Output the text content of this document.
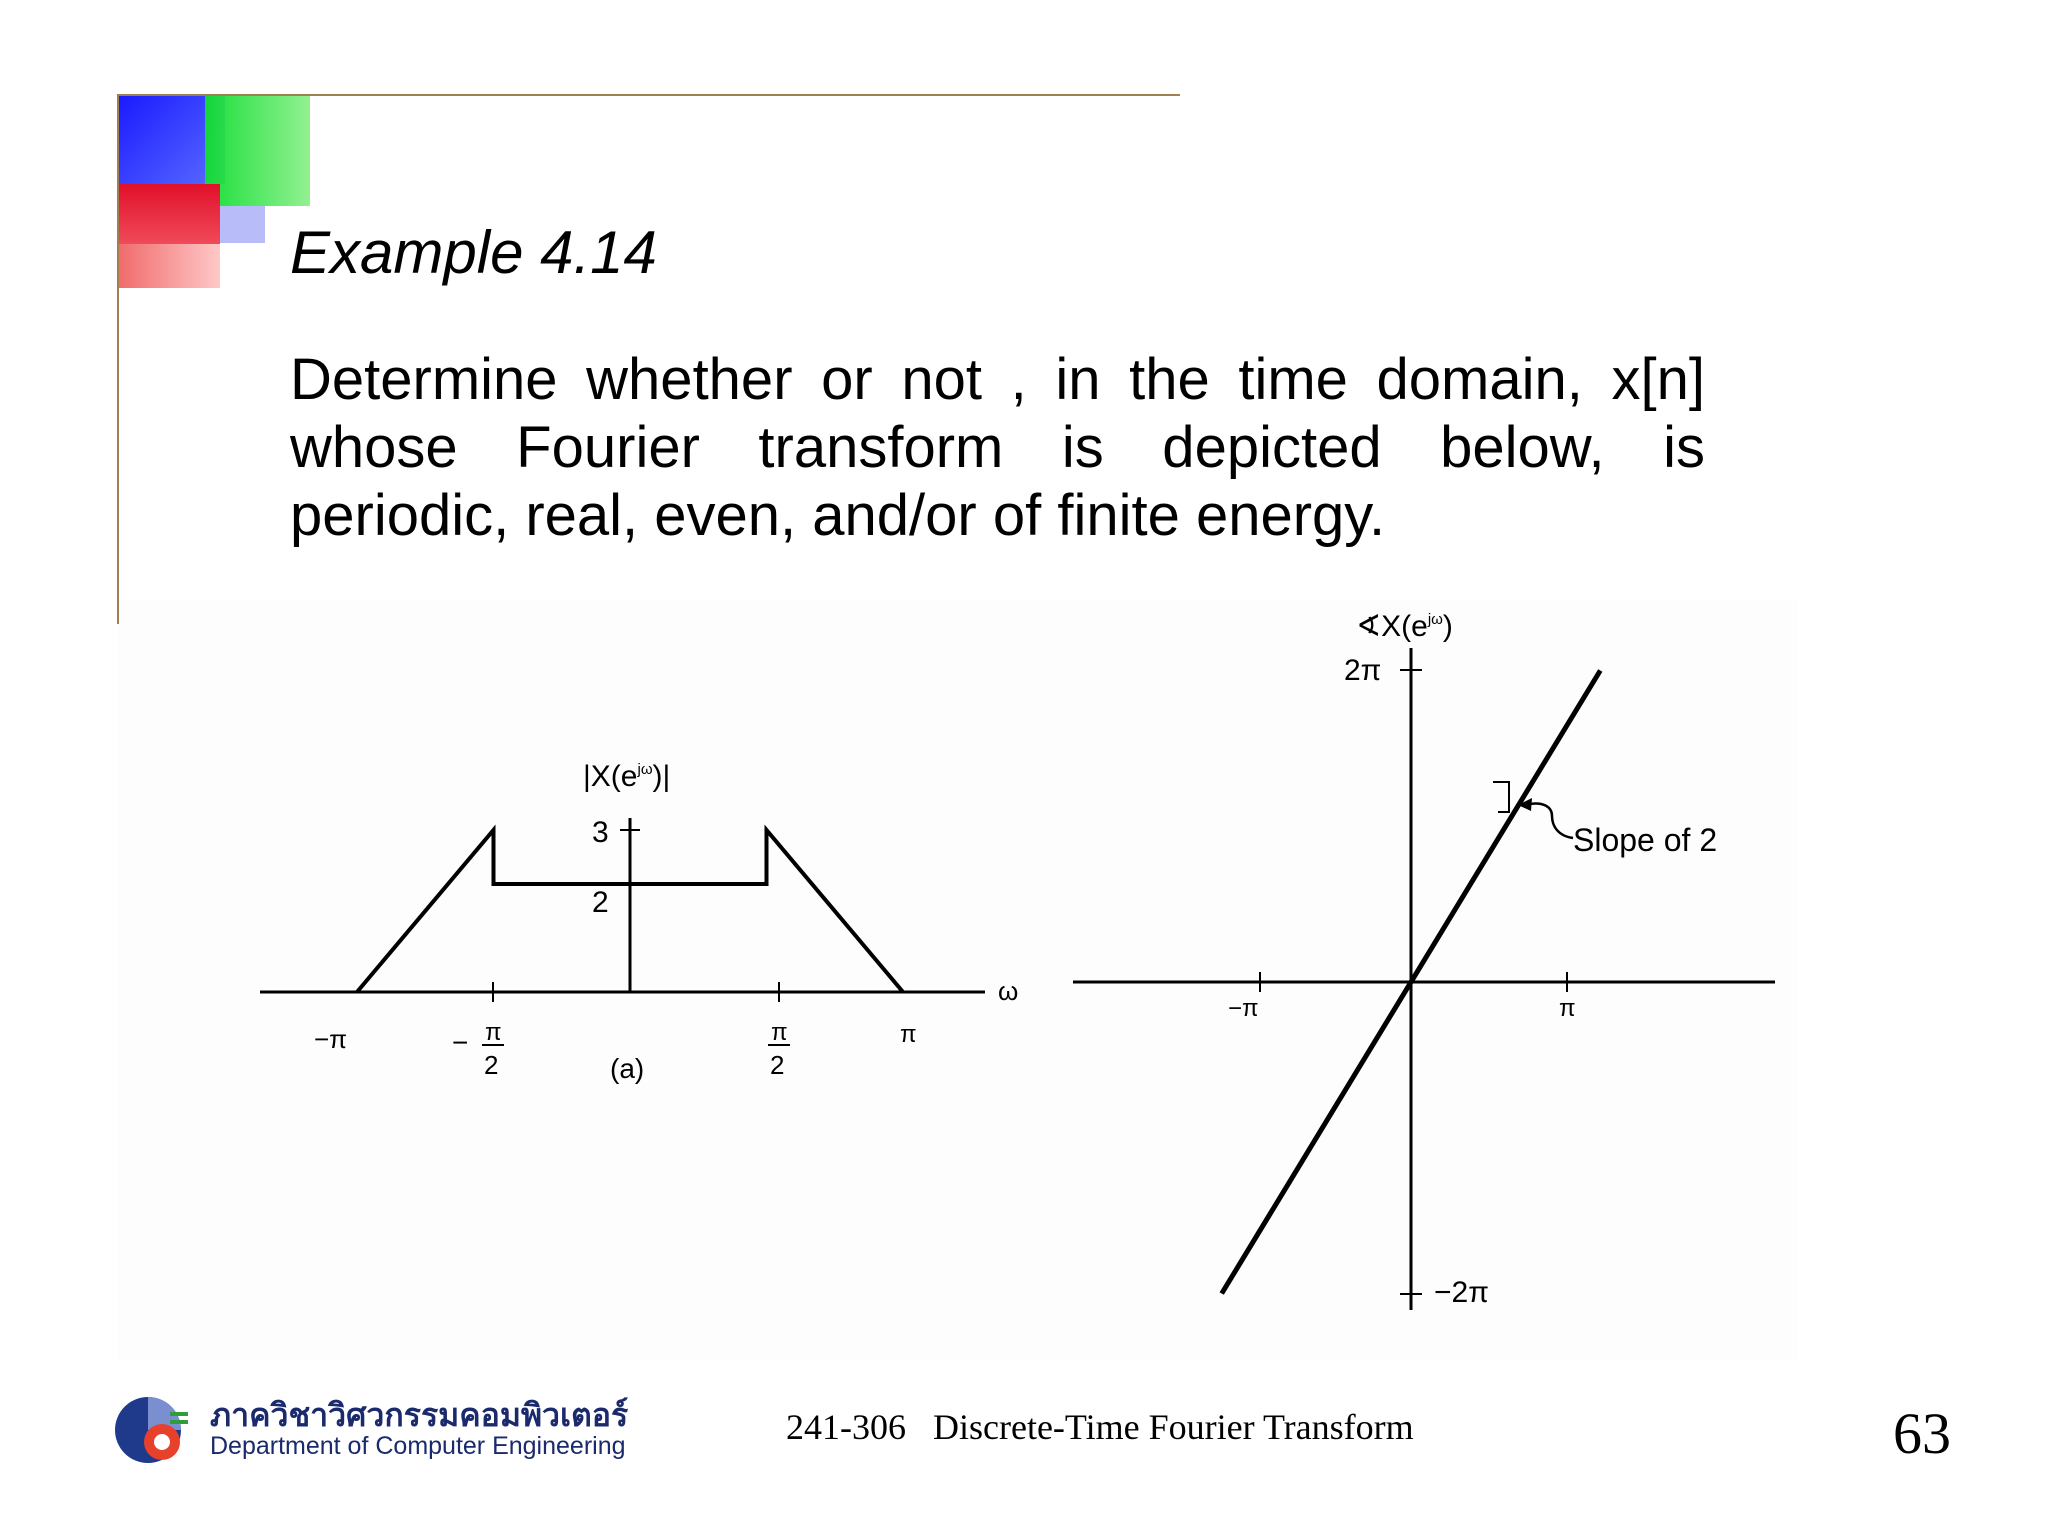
Example 4.14
Determine whether or not , in the time domain, x[n]
whose Fourier transform is depicted below, is
periodic, real, even, and/or of finite energy.
$|X(e^{j\omega})|$
3
2
ω
−π	− π
2
π
2
π
(a)
$∢X(e^{j\omega})$
2π
−2π
−π	π
Slope of 2
ภาควิชาวิศวกรรมคอมพิวเตอร์
Department of Computer Engineering	241-306   Discrete-Time Fourier Transform	63
